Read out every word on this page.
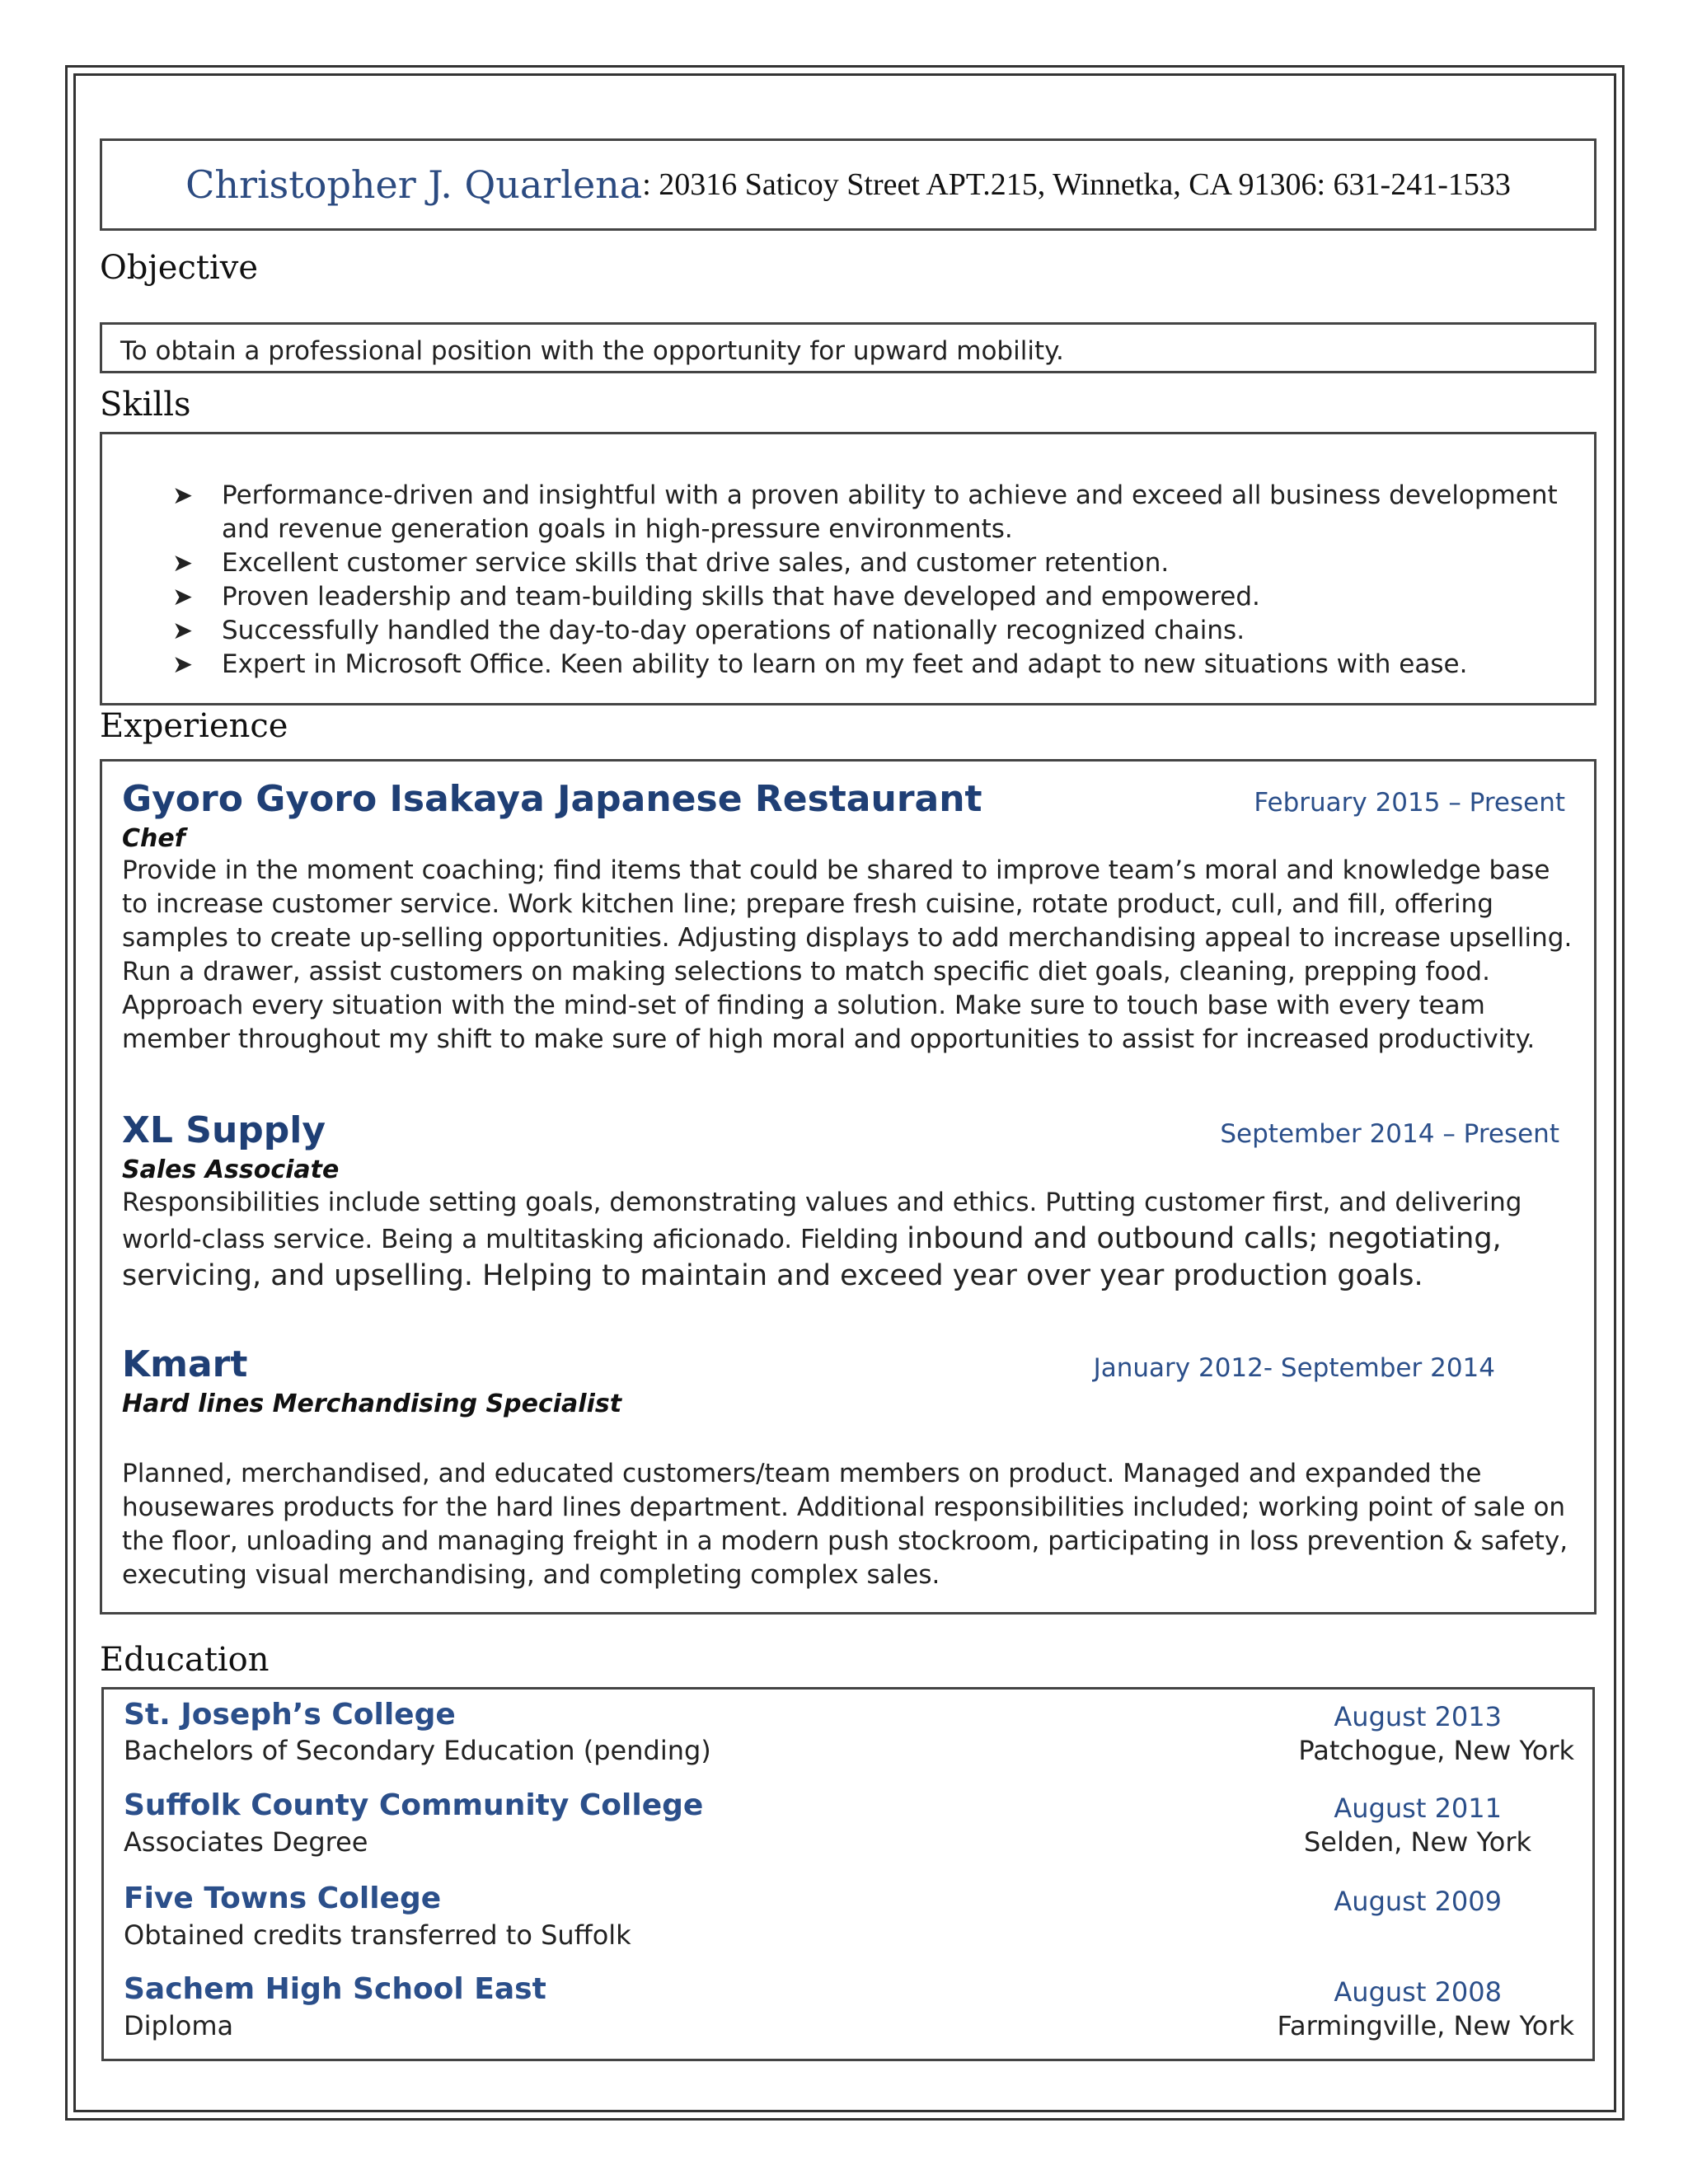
Christopher J. Quarlena : 20316 Saticoy Street APT.215, Winnetka, CA 91306: 631-241-1533
Objective
To obtain a professional position with the opportunity for upward mobility.
Skills
➤ Performance-driven and insightful with a proven ability to achieve and exceed all business development and revenue generation goals in high-pressure environments.
➤ Excellent customer service skills that drive sales, and customer retention.
➤ Proven leadership and team-building skills that have developed and empowered.
➤ Successfully handled the day-to-day operations of nationally recognized chains.
➤ Expert in Microsoft Office. Keen ability to learn on my feet and adapt to new situations with ease.
Experience
Gyoro Gyoro Isakaya Japanese Restaurant	February 2015 – Present
Chef
Provide in the moment coaching; find items that could be shared to improve team’s moral and knowledge base to increase customer service. Work kitchen line; prepare fresh cuisine, rotate product, cull, and fill, offering samples to create up-selling opportunities. Adjusting displays to add merchandising appeal to increase upselling. Run a drawer, assist customers on making selections to match specific diet goals, cleaning, prepping food. Approach every situation with the mind-set of finding a solution. Make sure to touch base with every team member throughout my shift to make sure of high moral and opportunities to assist for increased productivity.
XL Supply	September 2014 – Present
Sales Associate
Responsibilities include setting goals, demonstrating values and ethics. Putting customer first, and delivering world-class service. Being a multitasking aficionado. Fielding inbound and outbound calls; negotiating, servicing, and upselling. Helping to maintain and exceed year over year production goals.
Kmart	January 2012- September 2014
Hard lines Merchandising Specialist
Planned, merchandised, and educated customers/team members on product. Managed and expanded the housewares products for the hard lines department. Additional responsibilities included; working point of sale on the floor, unloading and managing freight in a modern push stockroom, participating in loss prevention & safety, executing visual merchandising, and completing complex sales.
Education
St. Joseph’s College	August 2013
Bachelors of Secondary Education (pending)	Patchogue, New York
Suffolk County Community College	August 2011
Associates Degree	Selden, New York
Five Towns College	August 2009
Obtained credits transferred to Suffolk
Sachem High School East	August 2008
Diploma	Farmingville, New York
